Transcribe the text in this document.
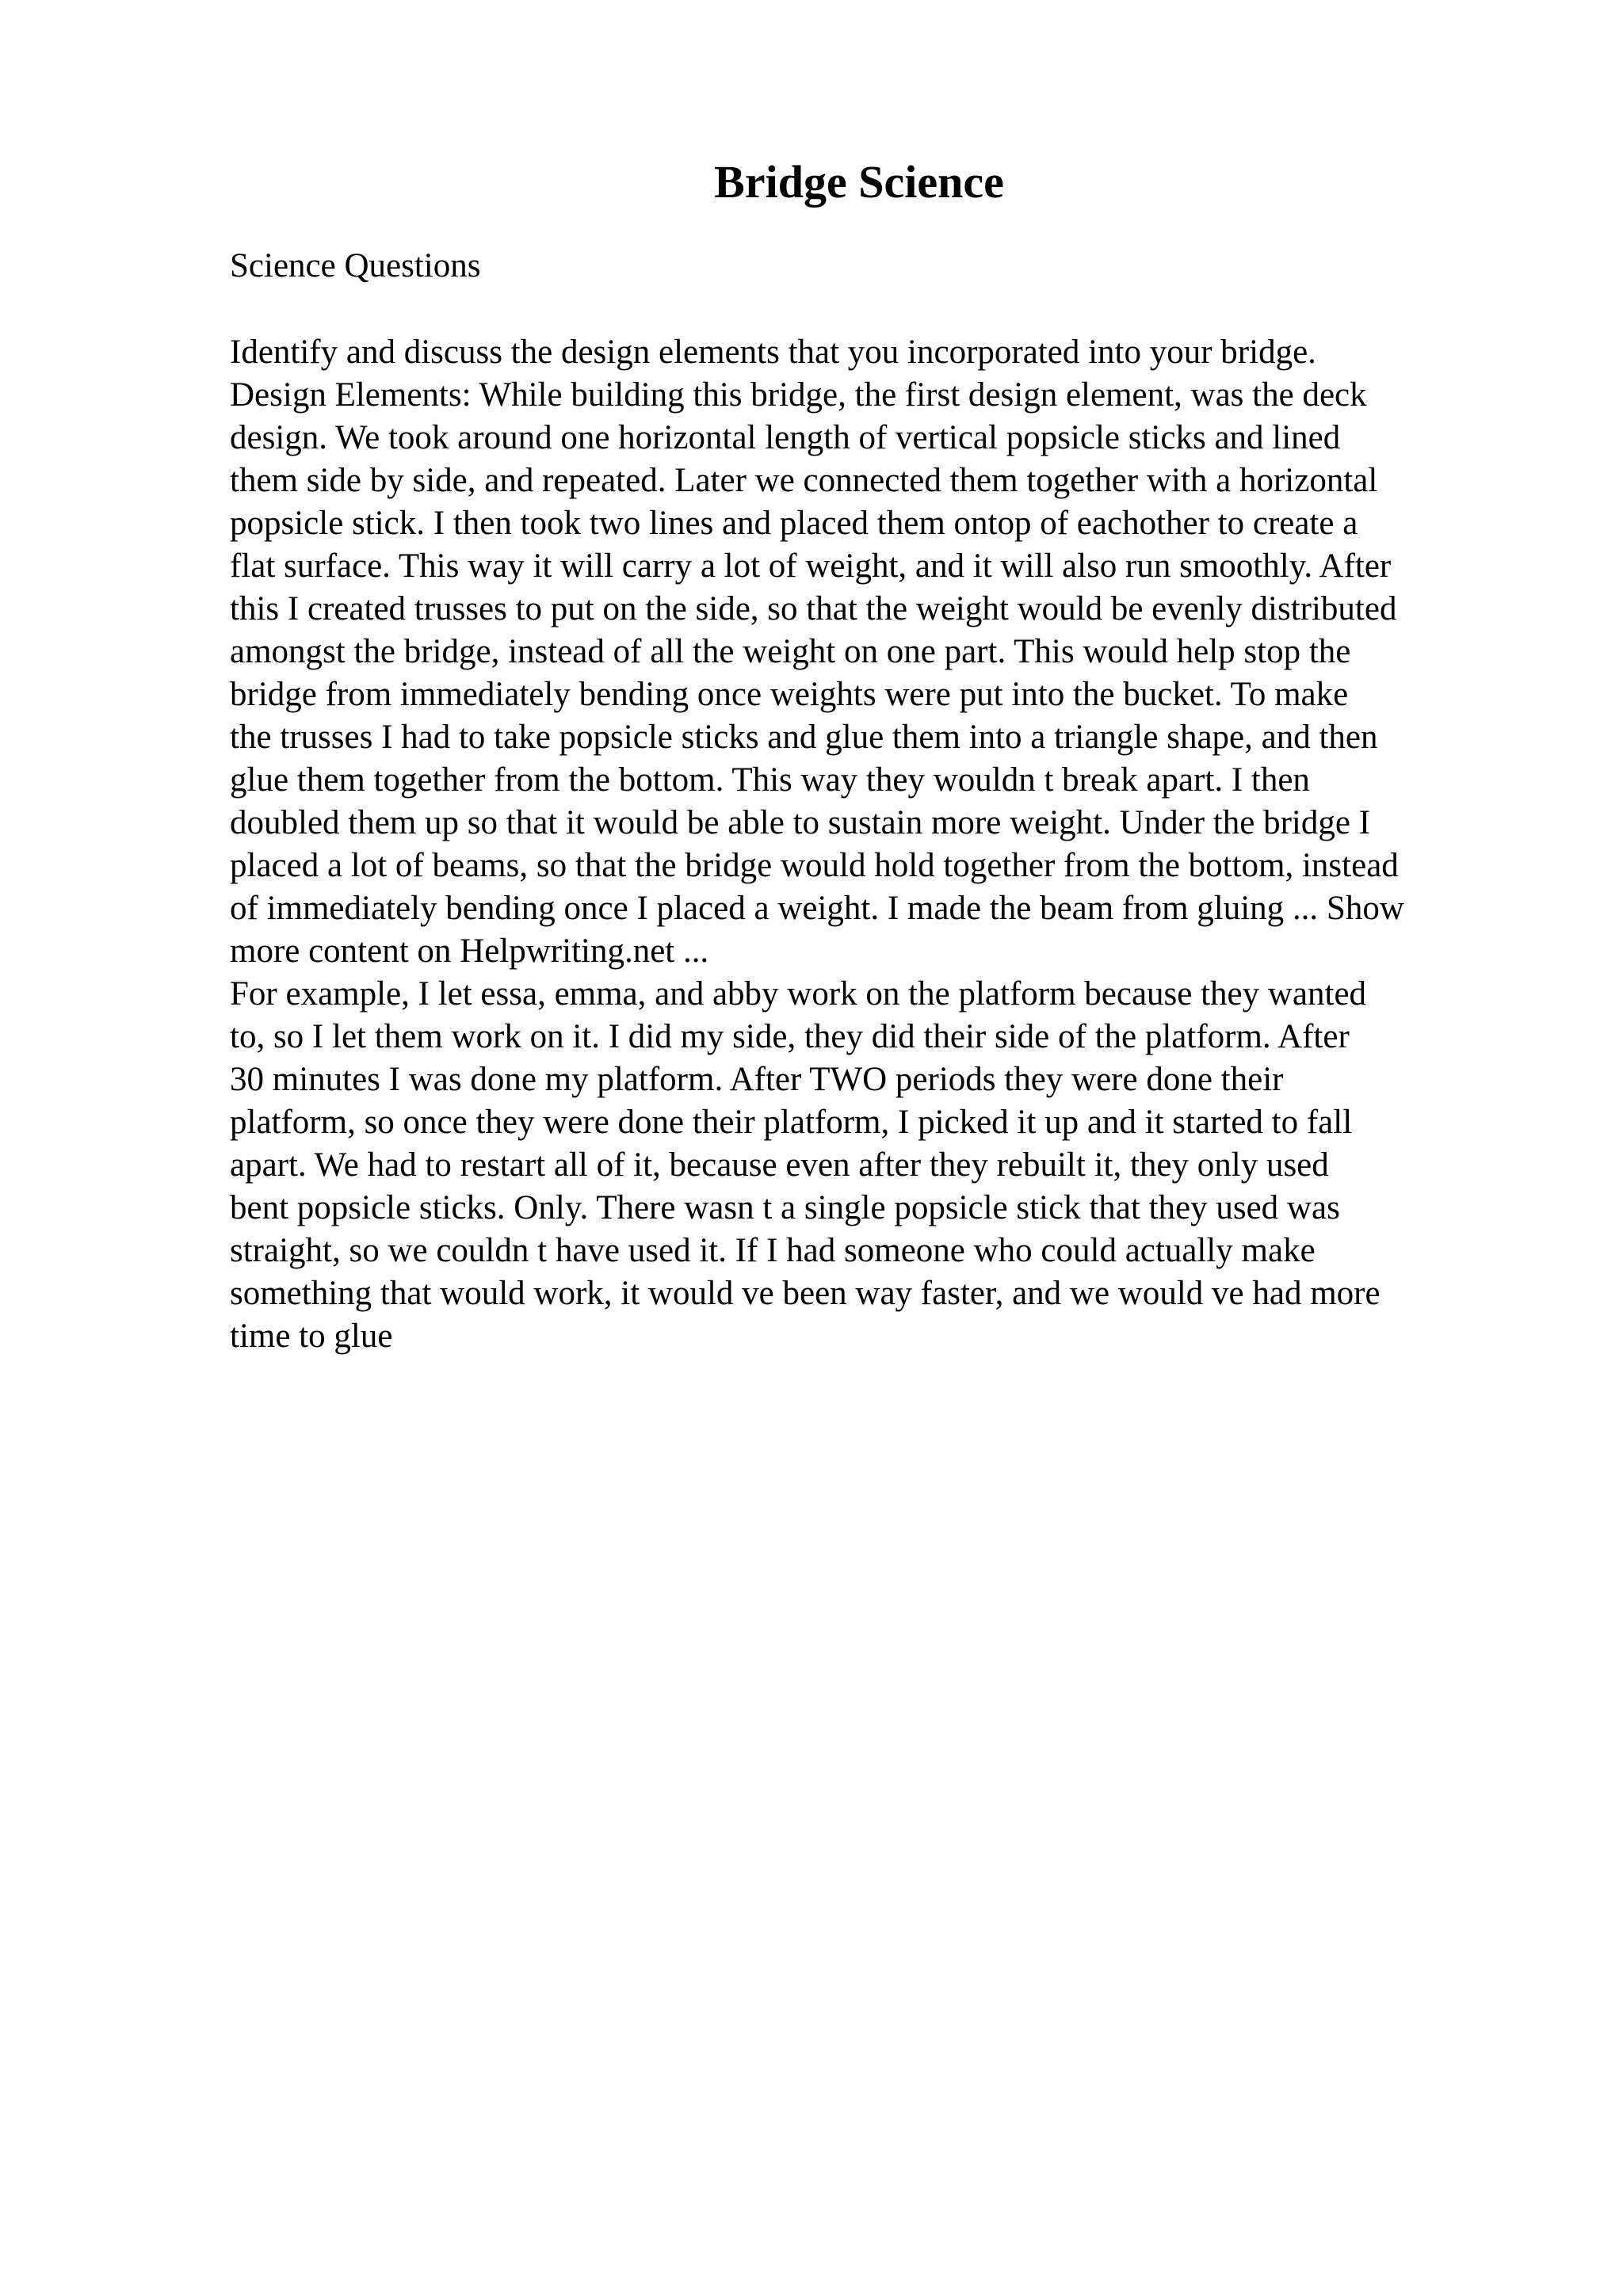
Bridge Science

Science Questions

Identify and discuss the design elements that you incorporated into your bridge.
Design Elements: While building this bridge, the first design element, was the deck
design. We took around one horizontal length of vertical popsicle sticks and lined
them side by side, and repeated. Later we connected them together with a horizontal
popsicle stick. I then took two lines and placed them ontop of eachother to create a
flat surface. This way it will carry a lot of weight, and it will also run smoothly. After
this I created trusses to put on the side, so that the weight would be evenly distributed
amongst the bridge, instead of all the weight on one part. This would help stop the
bridge from immediately bending once weights were put into the bucket. To make
the trusses I had to take popsicle sticks and glue them into a triangle shape, and then
glue them together from the bottom. This way they wouldn t break apart. I then
doubled them up so that it would be able to sustain more weight. Under the bridge I
placed a lot of beams, so that the bridge would hold together from the bottom, instead
of immediately bending once I placed a weight. I made the beam from gluing ... Show
more content on Helpwriting.net ...
For example, I let essa, emma, and abby work on the platform because they wanted
to, so I let them work on it. I did my side, they did their side of the platform. After
30 minutes I was done my platform. After TWO periods they were done their
platform, so once they were done their platform, I picked it up and it started to fall
apart. We had to restart all of it, because even after they rebuilt it, they only used
bent popsicle sticks. Only. There wasn t a single popsicle stick that they used was
straight, so we couldn t have used it. If I had someone who could actually make
something that would work, it would ve been way faster, and we would ve had more
time to glue
